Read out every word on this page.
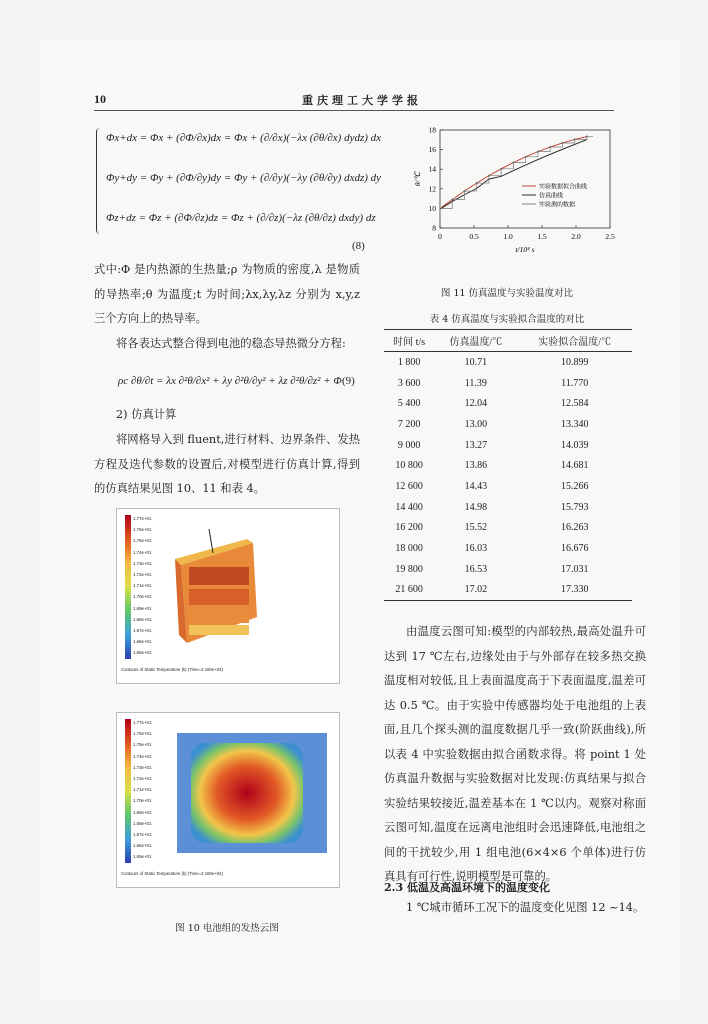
10	重庆理工大学学报
Φx+dx = Φx + (∂Φ/∂x)dx = Φx + (∂/∂x)(−λx (∂θ/∂x) dydz) dx
Φy+dy = Φy + (∂Φ/∂y)dy = Φy + (∂/∂y)(−λy (∂θ/∂y) dxdz) dy
Φz+dz = Φz + (∂Φ/∂z)dz = Φz + (∂/∂z)(−λz (∂θ/∂z) dxdy) dz
(8)

式中:Φ 是内热源的生热量;ρ 为物质的密度,λ 是物质的导热率;θ 为温度;t 为时间;λx,λy,λz 分别为 x,y,z 三个方向上的热导率。

将各表达式整合得到电池的稳态导热微分方程:

ρc ∂θ/∂t = λx ∂²θ/∂x² + λy ∂²θ/∂y² + λz ∂²θ/∂z² + Φ (9)

2) 仿真计算

将网格导入到 fluent,进行材料、边界条件、发热方程及迭代参数的设置后,对模型进行仿真计算,得到的仿真结果见图 10、11 和表 4。

1.77e+01
1.76e+01
1.75e+01
1.74e+01
1.73e+01
1.72e+01
1.71e+01
1.70e+01
1.69e+01
1.68e+01
1.67e+01
1.66e+01
1.65e+01
Contours of Static Temperature (k) (Time=2.160e+04)
1.77e+01
1.76e+01
1.75e+01
1.74e+01
1.73e+01
1.72e+01
1.71e+01
1.70e+01
1.69e+01
1.68e+01
1.67e+01
1.66e+01
1.65e+01
Contours of Static Temperature (k) (Time=2.160e+04)
图 10 电池组的发热云图
0	0.5	1.0	1.5	2.0	2.5
8
10
12
14
16
18
θ/℃
t/10⁴ s
实验数据拟合曲线
仿真曲线
实验测的数据
图 11 仿真温度与实验温度对比
表 4 仿真温度与实验拟合温度的对比
时间 t/s	仿真温度/℃	实验拟合温度/℃
1 800	10.71	10.899
3 600	11.39	11.770
5 400	12.04	12.584
7 200	13.00	13.340
9 000	13.27	14.039
10 800	13.86	14.681
12 600	14.43	15.266
14 400	14.98	15.793
16 200	15.52	16.263
18 000	16.03	16.676
19 800	16.53	17.031
21 600	17.02	17.330

由温度云图可知:模型的内部较热,最高处温升可达到 17 ℃左右,边缘处由于与外部存在较多热交换温度相对较低,且上表面温度高于下表面温度,温差可达 0.5 ℃。由于实验中传感器均处于电池组的上表面,且几个探头测的温度数据几乎一致(阶跃曲线),所以表 4 中实验数据由拟合函数求得。将 point 1 处仿真温升数据与实验数据对比发现:仿真结果与拟合实验结果较接近,温差基本在 1 ℃以内。观察对称面云图可知,温度在远离电池组时会迅速降低,电池组之间的干扰较少,用 1 组电池(6×4×6 个单体)进行仿真具有可行性,说明模型是可靠的。

2.3 低温及高温环境下的温度变化

1 ℃城市循环工况下的温度变化见图 12 ~14。
